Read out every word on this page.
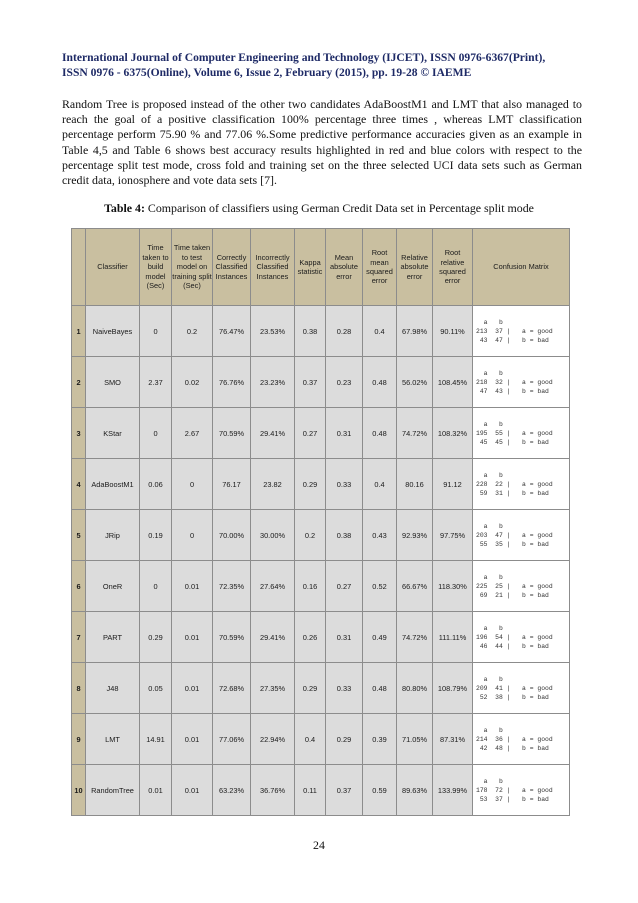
International Journal of Computer Engineering and Technology (IJCET), ISSN 0976-6367(Print),
ISSN 0976 - 6375(Online), Volume 6, Issue 2, February (2015), pp. 19-28 © IAEME
Random Tree is proposed instead of the other two candidates AdaBoostM1 and LMT that also managed to reach the goal of a positive classification 100% percentage three times , whereas LMT classification percentage perform 75.90 % and 77.06 %.Some predictive performance accuracies given as an example in Table 4,5 and Table 6 shows best accuracy results highlighted in red and blue colors with respect to the percentage split test mode, cross fold and training set on the three selected UCI data sets such as German credit data, ionosphere and vote data sets [7].
Table 4: Comparison of classifiers using German Credit Data set in Percentage split mode
	Classifier	Time taken to build model (Sec)	Time taken to test model on training split (Sec)	Correctly Classified Instances	Incorrectly Classified Instances	Kappa statistic	Mean absolute error	Root mean squared error	Relative absolute error	Root relative squared error	Confusion Matrix
1	NaiveBayes	0	0.2	76.47%	23.53%	0.38	0.28	0.4	67.98%	90.11%	a   b
213  37 |   a = good
43  47 |   b = bad

2	SMO	2.37	0.02	76.76%	23.23%	0.37	0.23	0.48	56.02%	108.45%	a   b
218  32 |   a = good
47  43 |   b = bad

3	KStar	0	2.67	70.59%	29.41%	0.27	0.31	0.48	74.72%	108.32%	a   b
195  55 |   a = good
45  45 |   b = bad

4	AdaBoostM1	0.06	0	76.17	23.82	0.29	0.33	0.4	80.16	91.12	a   b
228  22 |   a = good
59  31 |   b = bad

5	JRip	0.19	0	70.00%	30.00%	0.2	0.38	0.43	92.93%	97.75%	a   b
203  47 |   a = good
55  35 |   b = bad

6	OneR	0	0.01	72.35%	27.64%	0.16	0.27	0.52	66.67%	118.30%	a   b
225  25 |   a = good
69  21 |   b = bad

7	PART	0.29	0.01	70.59%	29.41%	0.26	0.31	0.49	74.72%	111.11%	a   b
196  54 |   a = good
46  44 |   b = bad

8	J48	0.05	0.01	72.68%	27.35%	0.29	0.33	0.48	80.80%	108.79%	a   b
209  41 |   a = good
52  38 |   b = bad

9	LMT	14.91	0.01	77.06%	22.94%	0.4	0.29	0.39	71.05%	87.31%	a   b
214  36 |   a = good
42  48 |   b = bad

10	RandomTree	0.01	0.01	63.23%	36.76%	0.11	0.37	0.59	89.63%	133.99%	a   b
178  72 |   a = good
53  37 |   b = bad
24
